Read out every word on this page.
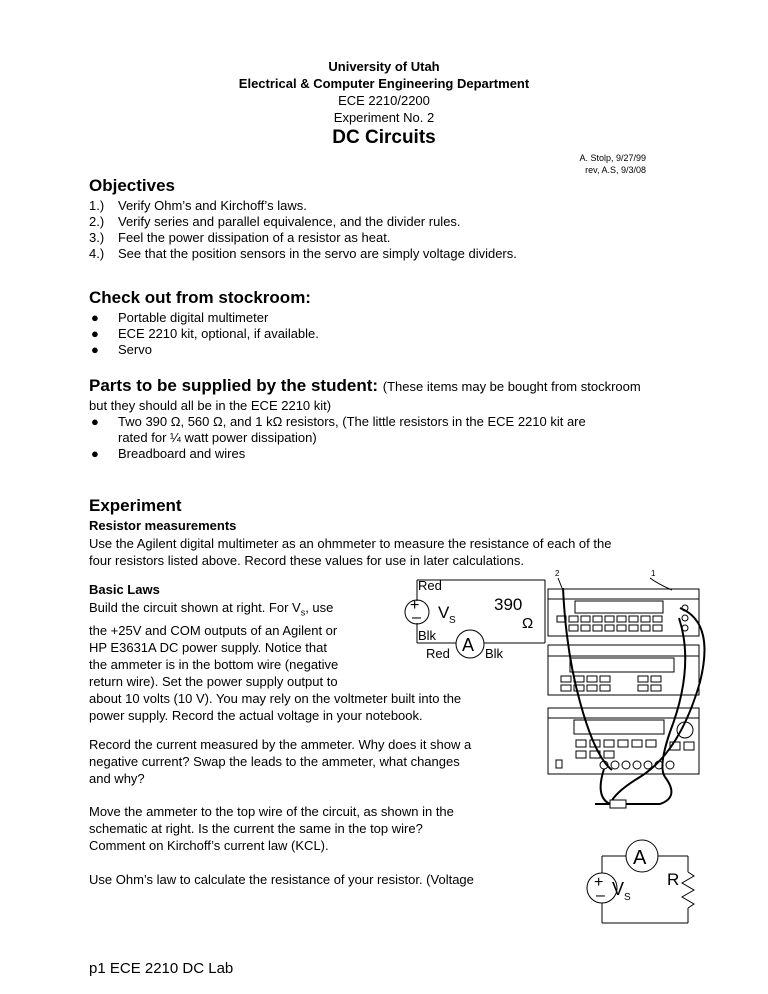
University of Utah
Electrical & Computer Engineering Department
ECE 2210/2200
Experiment No. 2
DC Circuits
A. Stolp, 9/27/99
rev, A.S, 9/3/08
Objectives
1.)	Verify Ohm’s and Kirchoff’s laws.
2.)	Verify series and parallel equivalence, and the divider rules.
3.)	Feel the power dissipation of a resistor as heat.
4.)	See that the position sensors in the servo are simply voltage dividers.
Check out from stockroom:
●	Portable digital multimeter
●	ECE 2210 kit, optional, if available.
●	Servo
Parts to be supplied by the student: (These items may be bought from stockroom
but they should all be in the ECE 2210 kit)
●	Two 390 Ω, 560 Ω, and 1 kΩ resistors, (The little resistors in the ECE 2210 kit are
rated for ¼ watt power dissipation)
●	Breadboard and wires
Experiment
Resistor measurements
Use the Agilent digital multimeter as an ohmmeter to measure the resistance of each of the
four resistors listed above. Record these values for use in later calculations.
Basic Laws
Build the circuit shown at right. For $V_s$, use
the +25V and COM outputs of an Agilent or
HP E3631A DC power supply. Notice that
the ammeter is in the bottom wire (negative
return wire). Set the power supply output to
about 10 volts (10 V). You may rely on the voltmeter built into the
power supply. Record the actual voltage in your notebook.
Record the current measured by the ammeter. Why does it show a
negative current? Swap the leads to the ammeter, what changes
and why?
Move the ammeter to the top wire of the circuit, as shown in the
schematic at right. Is the current the same in the top wire?
Comment on Kirchoff’s current law (KCL).
Use Ohm’s law to calculate the resistance of your resistor. (Voltage
+
–
Red
Blk
V S
390
Ω
A
Red	Blk
2	1
+
– V S
A
R
p1 ECE 2210 DC Lab
